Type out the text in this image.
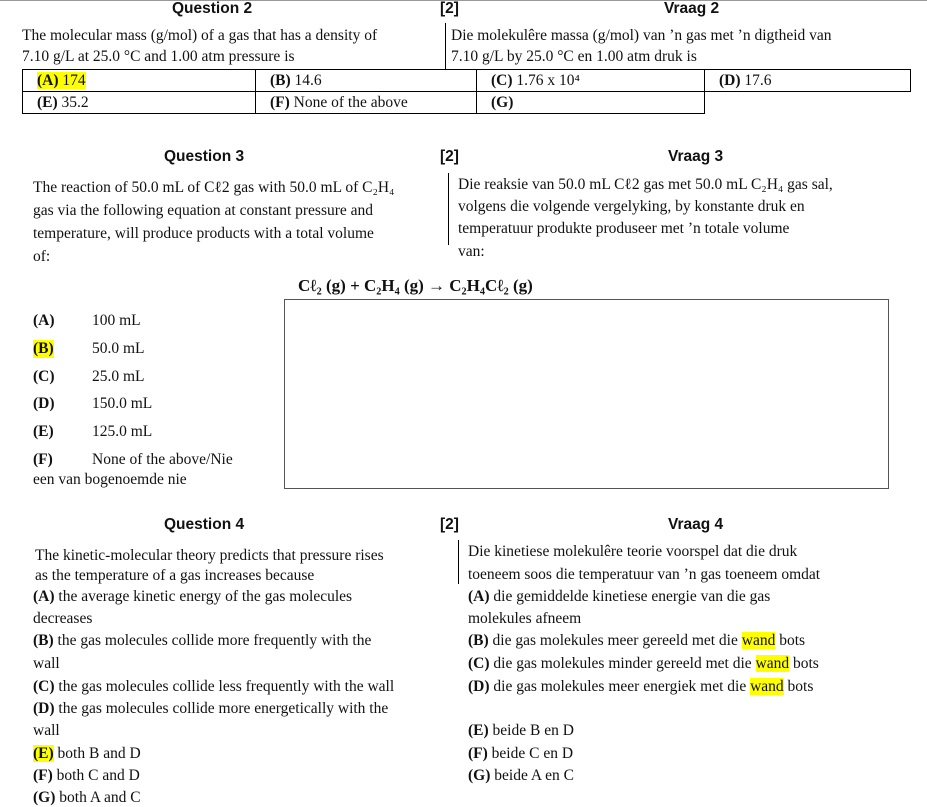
Question 2	[2]	Vraag 2
The molecular mass (g/mol) of a gas that has a density of
7.10 g/L at 25.0 °C and 1.00 atm pressure is
Die molekulêre massa (g/mol) van ’n gas met ’n digtheid van
7.10 g/L by 25.0 °C en 1.00 atm druk is
(A) 174	(B) 14.6	(C) 1.76 x 10⁴	(D) 17.6
(E) 35.2	(F) None of the above	(G)	
Question 3	[2]	Vraag 3
The reaction of 50.0 mL of Cℓ2 gas with 50.0 mL of C₂H₄
gas via the following equation at constant pressure and
temperature, will produce products with a total volume
of:
Die reaksie van 50.0 mL Cℓ2 gas met 50.0 mL C₂H₄ gas sal,
volgens die volgende vergelyking, by konstante druk en
temperatuur produkte produseer met ’n totale volume
van:
Cℓ₂ (g) + C₂H₄ (g) → C₂H₄Cℓ₂ (g)
(A) 100 mL
(B) 50.0 mL
(C) 25.0 mL
(D) 150.0 mL
(E) 125.0 mL
(F)	None of the above/Nie
een van bogenoemde nie
Question 4	[2]	Vraag 4
The kinetic-molecular theory predicts that pressure rises
as the temperature of a gas increases because
(A) the average kinetic energy of the gas molecules
decreases
(B) the gas molecules collide more frequently with the
wall
(C) the gas molecules collide less frequently with the wall
(D) the gas molecules collide more energetically with the
wall
(E) both B and D
(F) both C and D
(G) both A and C
Die kinetiese molekulêre teorie voorspel dat die druk
toeneem soos die temperatuur van ’n gas toeneem omdat
(A) die gemiddelde kinetiese energie van die gas
molekules afneem
(B) die gas molekules meer gereeld met die wand bots
(C) die gas molekules minder gereeld met die wand bots
(D) die gas molekules meer energiek met die wand bots
(E) beide B en D
(F) beide C en D
(G) beide A en C
